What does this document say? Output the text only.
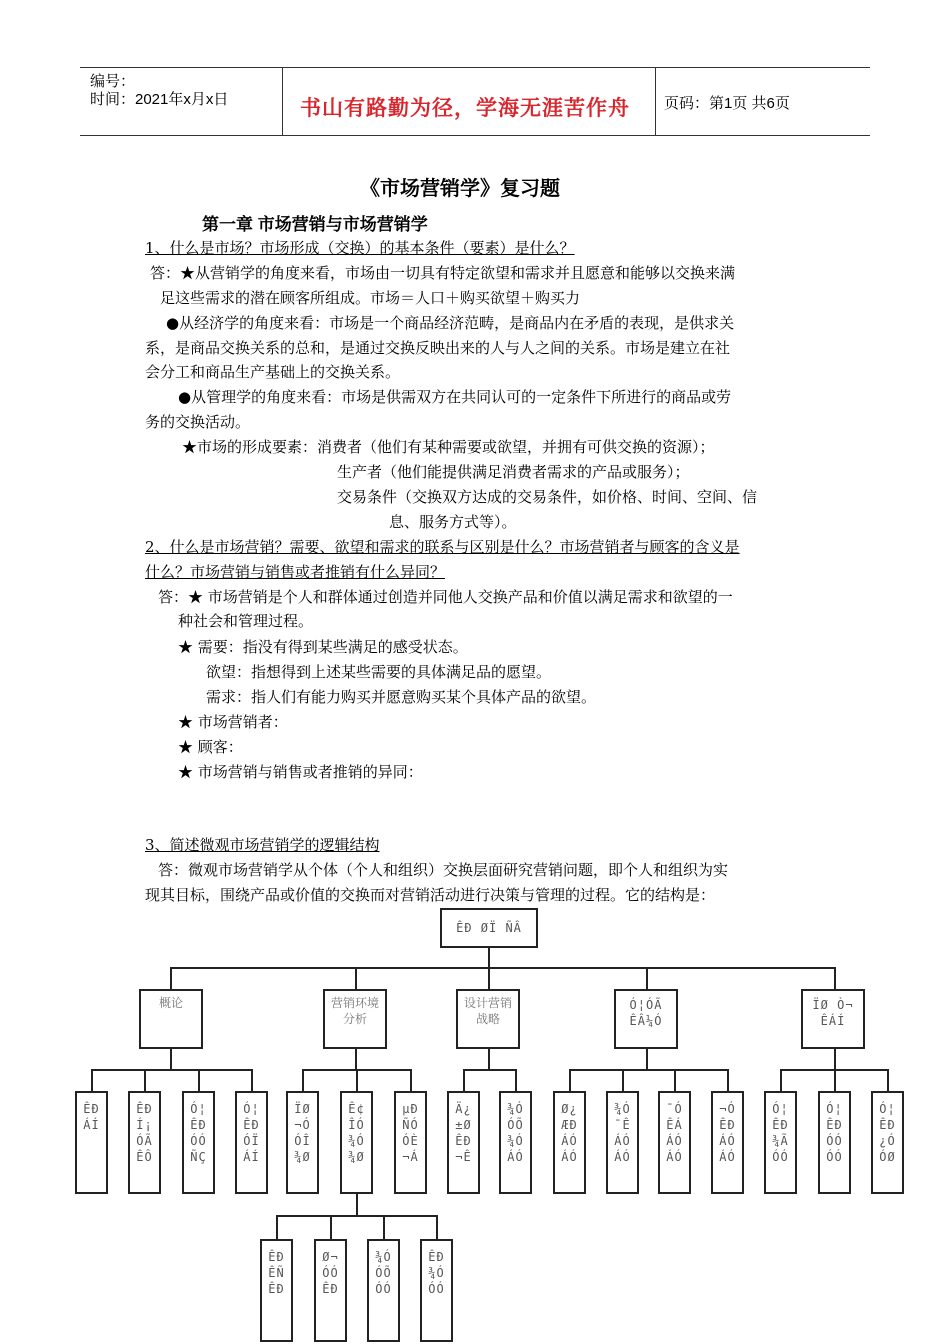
编号：
时间：2021年x月x日	书山有路勤为径，学海无涯苦作舟 页码：第1页 共6页
《市场营销学》复习题
第一章 市场营销与市场营销学
1、什么是市场？市场形成（交换）的基本条件（要素）是什么？
答：★从营销学的角度来看，市场由一切具有特定欲望和需求并且愿意和能够以交换来满
足这些需求的潜在顾客所组成。市场＝人口＋购买欲望＋购买力
●从经济学的角度来看：市场是一个商品经济范畴，是商品内在矛盾的表现，是供求关
系，是商品交换关系的总和，是通过交换反映出来的人与人之间的关系。市场是建立在社
会分工和商品生产基础上的交换关系。
●从管理学的角度来看：市场是供需双方在共同认可的一定条件下所进行的商品或劳
务的交换活动。
★市场的形成要素：消费者（他们有某种需要或欲望，并拥有可供交换的资源）；
生产者（他们能提供满足消费者需求的产品或服务）；
交易条件（交换双方达成的交易条件，如价格、时间、空间、信
息、服务方式等）。
2、什么是市场营销？需要、欲望和需求的联系与区别是什么？市场营销者与顾客的含义是
什么？市场营销与销售或者推销有什么异同？
答：★ 市场营销是个人和群体通过创造并同他人交换产品和价值以满足需求和欲望的一
种社会和管理过程。
★ 需要：指没有得到某些满足的感受状态。
欲望：指想得到上述某些需要的具体满足品的愿望。
需求：指人们有能力购买并愿意购买某个具体产品的欲望。
★ 市场营销者：
★ 顾客：
★ 市场营销与销售或者推销的异同：
3、简述微观市场营销学的逻辑结构
答：微观市场营销学从个体（个人和组织）交换层面研究营销问题，即个人和组织为实
现其目标，围绕产品或价值的交换而对营销活动进行决策与管理的过程。它的结构是：
ÊÐ ØÏ ÑÂ
概论	营销环境分析
设计营销战略
Ó¦ÓÃ ÊÂ¼Ó
ÏØ Ò¬ ÊÁÍ
ÊÐ ÁÍ
ÊÐ Í¡ ÓÃ ÊÔ
Ó¦ ÊÐ ÓÓ ÑÇ
Ó¦ ÊÐ ÓÏ ÁÍ
ÏØ ¬Ó ÓÎ ¾Ø
Ê¢ ÎÓ ¾Ó ¾Ø
µÐ ÑÓ ÓÈ ¬Á
Ä¿ ±Ø ÊÐ ¬Ê
¾Ó ÓÕ ¾Ó ÁÓ
Ø¿ ÆÐ ÁÓ ÁÓ
¾Ó ¯Ê ÁÓ ÁÓ
¯Ó ÊÁ ÁÓ ÁÓ
¬Ó ÊÐ ÁÓ ÁÓ
Ó¦ ÊÐ ¾Ã ÓÓ
Ó¦ ÊÐ ÓÓ ÓÓ
Ó¦ ÊÐ ¿Ó ÓØ
ÊÐ ÊÑ ÊÐ
Ø¬ ÓÓ ÊÐ
¾Ó ÓÕ ÓÓ
ÊÐ ¾Ó ÓÓ
